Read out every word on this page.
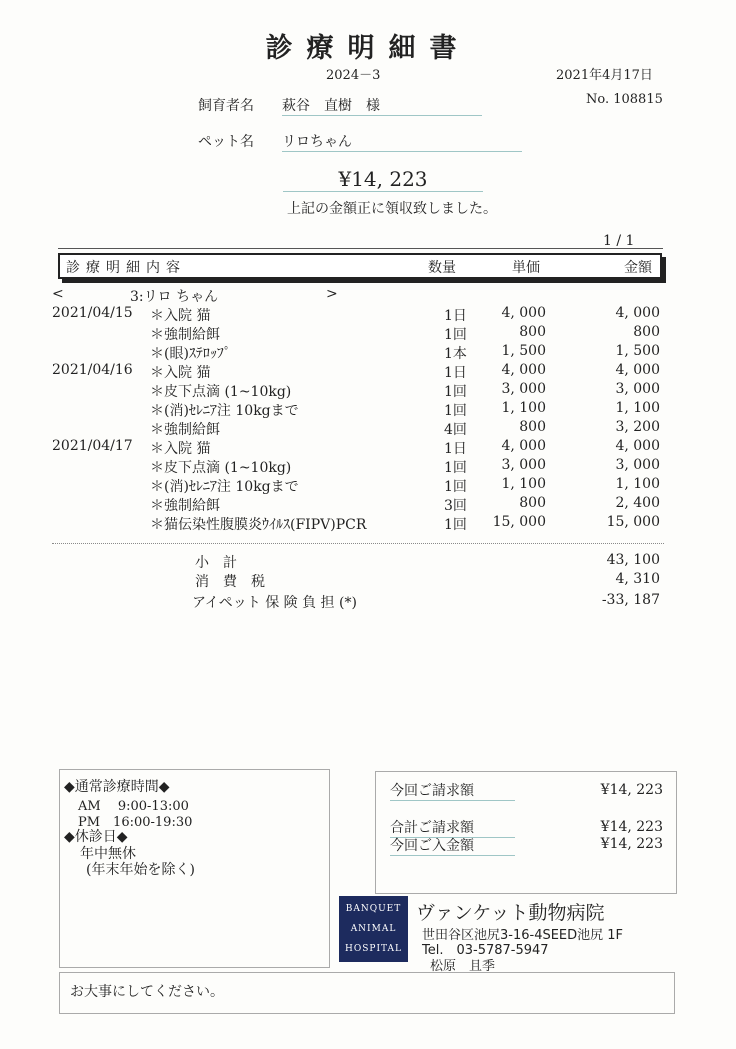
診療明細書
2024－3	2021年4月17日
No. 108815
飼育者名 萩谷　直樹　様
ペット名 リロちゃん
¥14, 223
上記の金額正に領収致しました。
1 / 1
診療明細内容	数量	単価	金額
<	3:リロ ちゃん	>
2021/04/15 ＊入院 猫	1日 4, 000	4, 000
＊強制給餌	1回	800	800
＊(眼)ｽﾃﾛｯﾌﾟ	1本 1, 500	1, 500
2021/04/16 ＊入院 猫	1日 4, 000	4, 000
＊皮下点滴 (1~10kg)	1回 3, 000	3, 000
＊(消)ｾﾚﾆｱ注 10kgまで	1回 1, 100	1, 100
＊強制給餌	4回	800	3, 200
2021/04/17 ＊入院 猫	1日 4, 000	4, 000
＊皮下点滴 (1~10kg)	1回 3, 000	3, 000
＊(消)ｾﾚﾆｱ注 10kgまで	1回 1, 100	1, 100
＊強制給餌	3回	800	2, 400
＊猫伝染性腹膜炎ｳｲﾙｽ(FIPV)PCR	1回 15, 000	15, 000
小　計	43, 100
消　費　税	4, 310
アイペット 保 険 負 担 (*)	-33, 187
◆通常診療時間◆
AM　 9:00-13:00
PM　16:00-19:30
◆休診日◆
年中無休
(年末年始を除く)
今回ご請求額	¥14, 223
合計ご請求額	¥14, 223
今回ご入金額	¥14, 223
BANQUET
ANIMAL
HOSPITAL
ヴァンケット動物病院
世田谷区池尻3-16-4SEED池尻 1F
Tel.　03-5787-5947
松原　且季
お大事にしてください。
